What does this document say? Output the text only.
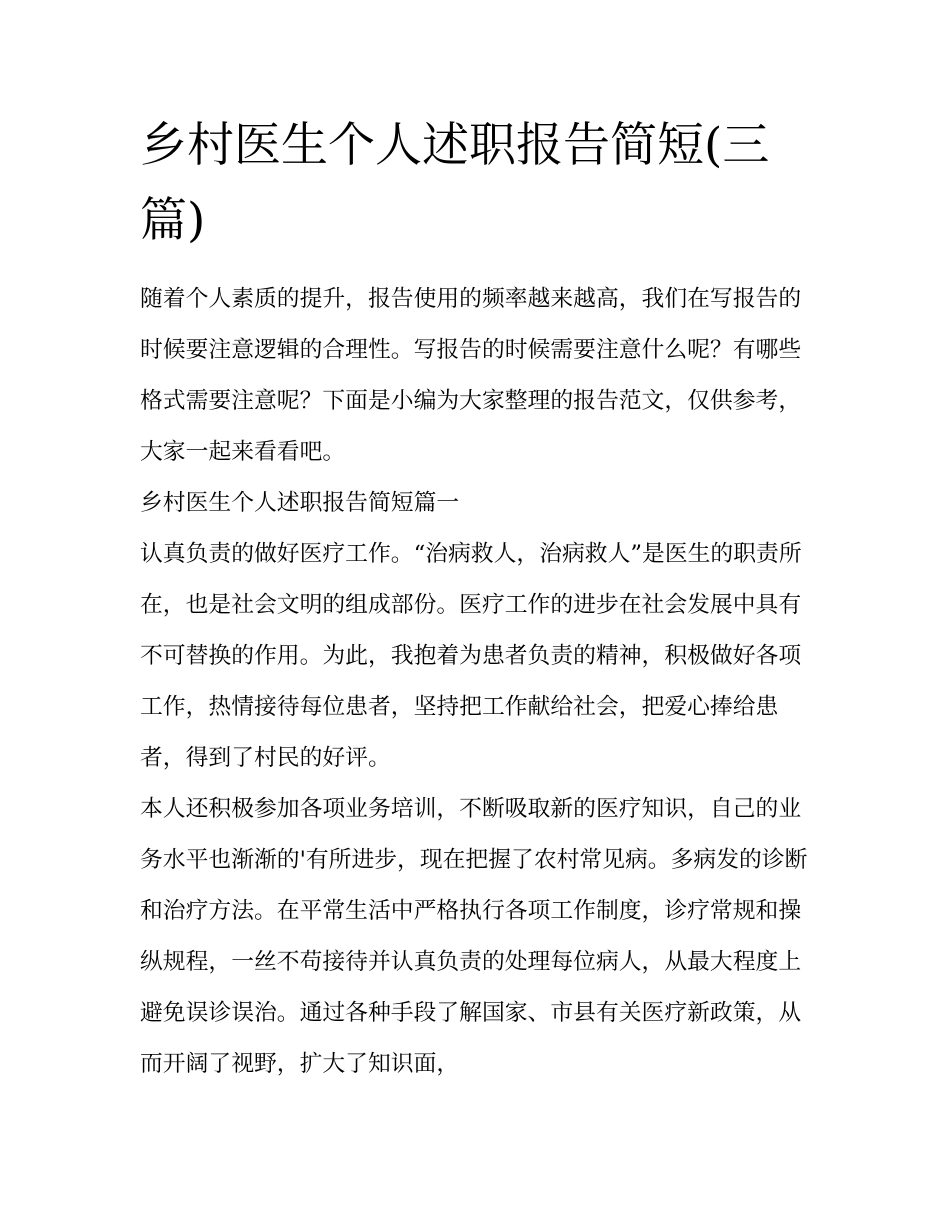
乡村医生个人述职报告简短(三篇)

随着个人素质的提升，报告使用的频率越来越高，我们在写报告的时候要注意逻辑的合理性。写报告的时候需要注意什么呢？有哪些格式需要注意呢？下面是小编为大家整理的报告范文，仅供参考，大家一起来看看吧。

乡村医生个人述职报告简短篇一

认真负责的做好医疗工作。“治病救人，治病救人”是医生的职责所在，也是社会文明的组成部份。医疗工作的进步在社会发展中具有不可替换的作用。为此，我抱着为患者负责的精神，积极做好各项工作，热情接待每位患者，坚持把工作献给社会，把爱心捧给患者，得到了村民的好评。

本人还积极参加各项业务培训，不断吸取新的医疗知识，自己的业务水平也渐渐的'有所进步，现在把握了农村常见病。多病发的诊断和治疗方法。在平常生活中严格执行各项工作制度，诊疗常规和操纵规程，一丝不苟接待并认真负责的处理每位病人，从最大程度上避免误诊误治。通过各种手段了解国家、市县有关医疗新政策，从而开阔了视野，扩大了知识面，
